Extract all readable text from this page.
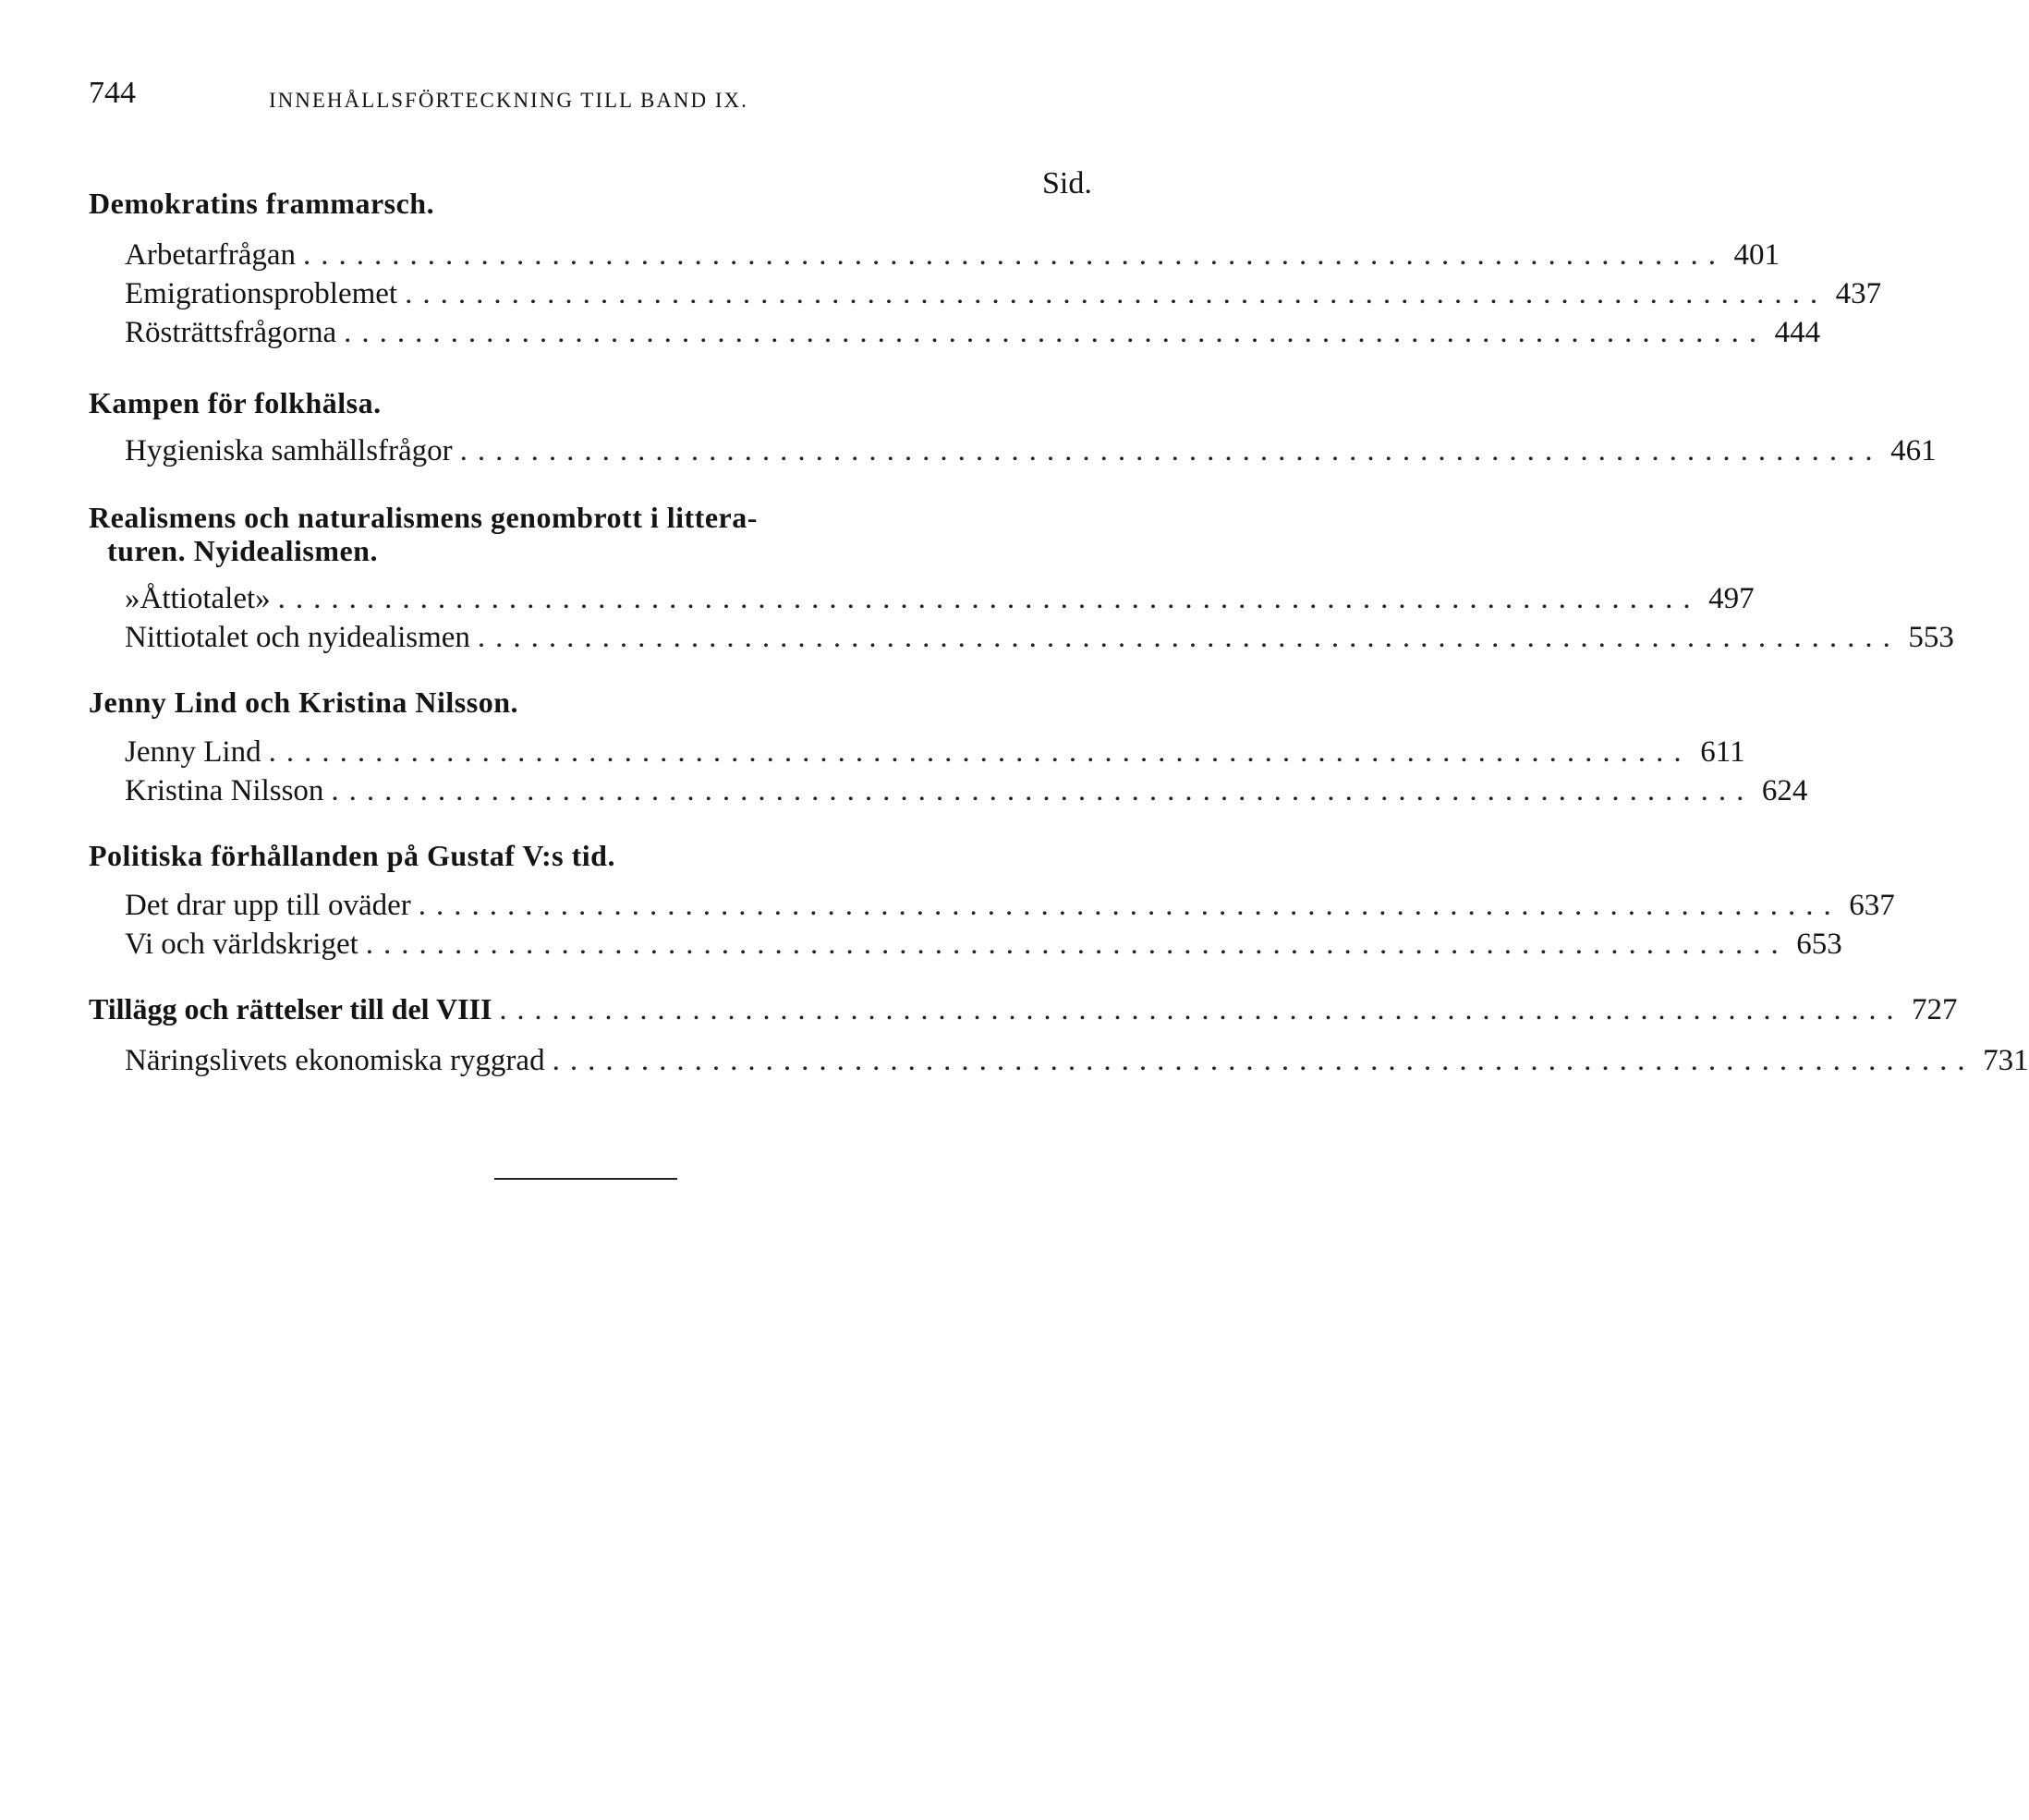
744	INNEHÅLLSFÖRTECKNING TILL BAND IX.
Sid.
Demokratins frammarsch.
Arbetarfrågan ................................................................................ 401
Emigrationsproblemet ................................................................................ 437
Rösträttsfrågorna ................................................................................ 444
Kampen för folkhälsa.
Hygieniska samhällsfrågor ................................................................................ 461
Realismens och naturalismens genombrott i littera-
turen. Nyidealismen.
»Åttiotalet» ................................................................................ 497
Nittiotalet och nyidealismen ................................................................................ 553
Jenny Lind och Kristina Nilsson.
Jenny Lind ................................................................................ 611
Kristina Nilsson ................................................................................ 624
Politiska förhållanden på Gustaf V:s tid.
Det drar upp till oväder ................................................................................ 637
Vi och världskriget ................................................................................ 653
Tillägg och rättelser till del VIII ................................................................................ 727
Näringslivets ekonomiska ryggrad ................................................................................ 731
